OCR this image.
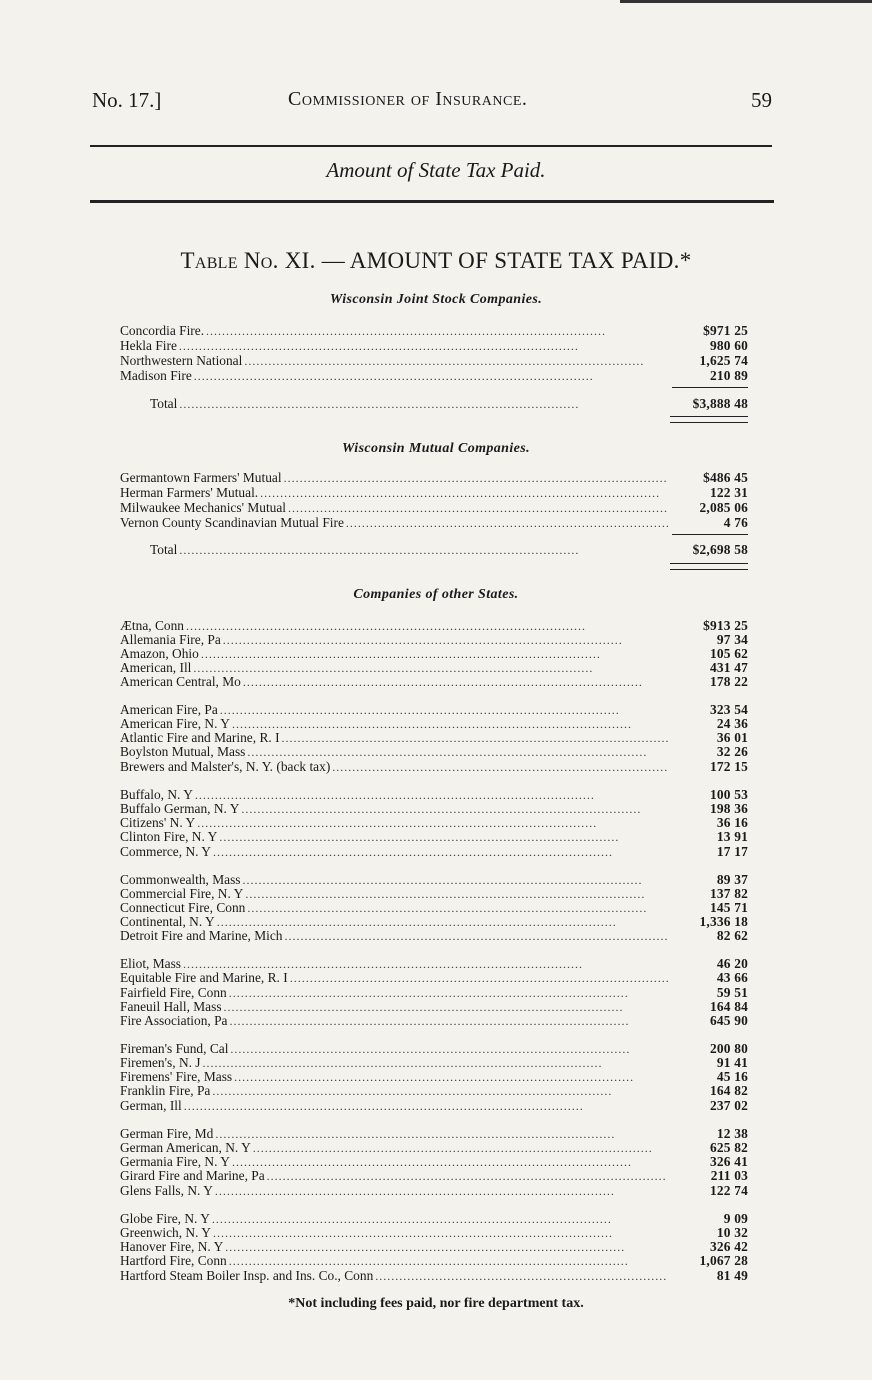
No. 17.]	Commissioner of Insurance.	59
Amount of State Tax Paid.
Table No. XI. — AMOUNT OF STATE TAX PAID.*
Wisconsin Joint Stock Companies.
Concordia Fire. . . .	$971 25
Hekla Fire . . .	980 60
Northwestern National . . .	1,625 74
Madison Fire . . .	210 89
Total . . .	$3,888 48
Wisconsin Mutual Companies.
Germantown Farmers' Mutual . . .	$486 45
Herman Farmers' Mutual. . . .	122 31
Milwaukee Mechanics' Mutual . . .	2,085 06
Vernon County Scandinavian Mutual Fire . . .	4 76
Total . . .	$2,698 58
Companies of other States.
Ætna, Conn . . .	$913 25
Allemania Fire, Pa . . .	97 34
Amazon, Ohio . . .	105 62
American, Ill . . .	431 47
American Central, Mo . . .	178 22
American Fire, Pa . . .	323 54
American Fire, N. Y . . .	24 36
Atlantic Fire and Marine, R. I . . .	36 01
Boylston Mutual, Mass . . .	32 26
Brewers and Malster's, N. Y. (back tax) . . .	172 15
Buffalo, N. Y . . .	100 53
Buffalo German, N. Y . . .	198 36
Citizens' N. Y . . .	36 16
Clinton Fire, N. Y . . .	13 91
Commerce, N. Y . . .	17 17
Commonwealth, Mass . . .	89 37
Commercial Fire, N. Y . . .	137 82
Connecticut Fire, Conn . . .	145 71
Continental, N. Y . . .	1,336 18
Detroit Fire and Marine, Mich . . .	82 62
Eliot, Mass . . .	46 20
Equitable Fire and Marine, R. I . . .	43 66
Fairfield Fire, Conn . . .	59 51
Faneuil Hall, Mass . . .	164 84
Fire Association, Pa . . .	645 90
Fireman's Fund, Cal . . .	200 80
Firemen's, N. J . . .	91 41
Firemens' Fire, Mass . . .	45 16
Franklin Fire, Pa . . .	164 82
German, Ill . . .	237 02
German Fire, Md . . .	12 38
German American, N. Y . . .	625 82
Germania Fire, N. Y . . .	326 41
Girard Fire and Marine, Pa . . .	211 03
Glens Falls, N. Y . . .	122 74
Globe Fire, N. Y . . .	9 09
Greenwich, N. Y . . .	10 32
Hanover Fire, N. Y . . .	326 42
Hartford Fire, Conn . . .	1,067 28
Hartford Steam Boiler Insp. and Ins. Co., Conn . . .	81 49
*Not including fees paid, nor fire department tax.
